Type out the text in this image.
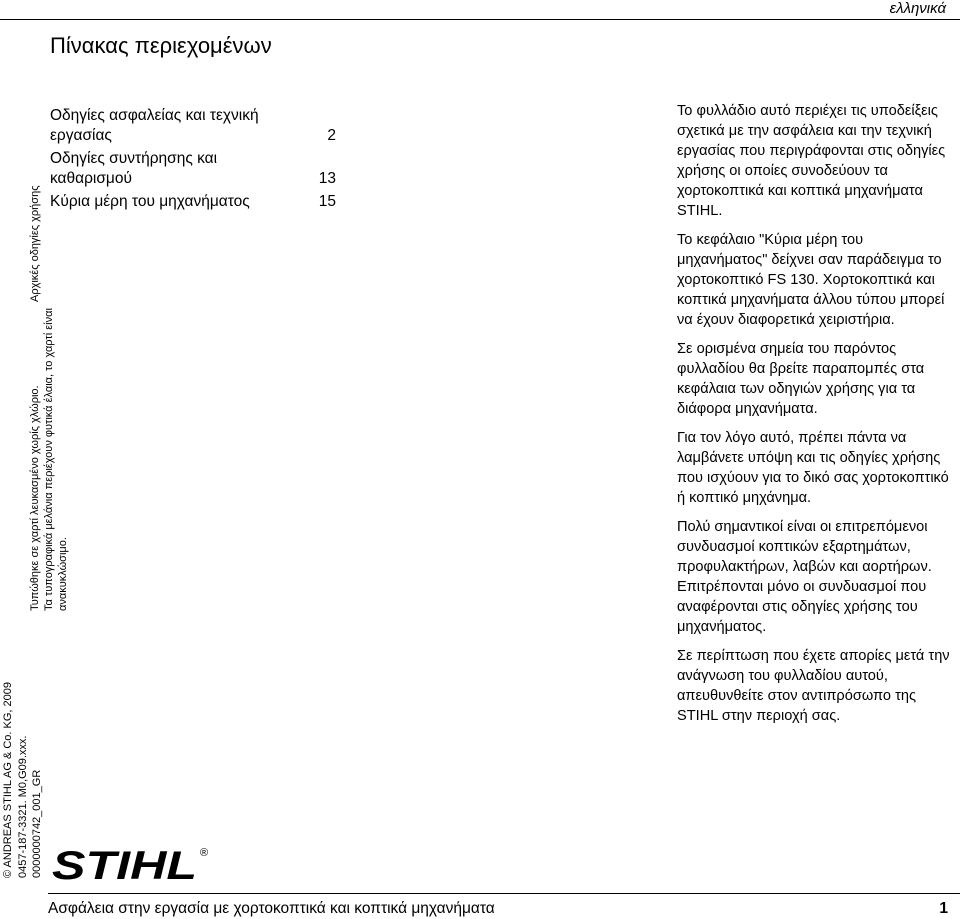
ελληνικά
Πίνακας περιεχομένων
Οδηγίες ασφαλείας και τεχνική εργασίας	2
Οδηγίες συντήρησης και καθαρισμού	13
Κύρια μέρη του μηχανήματος	15
© ANDREAS STIHL AG & Co. KG, 2009 0457-187-3321. M0,G09.xxx. 0000000742_001_GR
Τυπώθηκε σε χαρτί λευκασμένο χωρίς χλώριο. Τα τυπογραφικά μελάνια περιέχουν φυτικά έλαια, το χαρτί είναι ανακυκλώσιμο.
Αρχικές οδηγίες χρήσης

Το φυλλάδιο αυτό περιέχει τις υποδείξεις σχετικά με την ασφάλεια και την τεχνική εργασίας που περιγράφονται στις οδηγίες χρήσης οι οποίες συνοδεύουν τα χορτοκοπτικά και κοπτικά μηχανήματα STIHL.

Το κεφάλαιο "Κύρια μέρη του μηχανήματος" δείχνει σαν παράδειγμα το χορτοκοπτικό FS 130. Χορτοκοπτικά και κοπτικά μηχανήματα άλλου τύπου μπορεί να έχουν διαφορετικά χειριστήρια.

Σε ορισμένα σημεία του παρόντος φυλλαδίου θα βρείτε παραπομπές στα κεφάλαια των οδηγιών χρήσης για τα διάφορα μηχανήματα.

Για τον λόγο αυτό, πρέπει πάντα να λαμβάνετε υπόψη και τις οδηγίες χρήσης που ισχύουν για το δικό σας χορτοκοπτικό ή κοπτικό μηχάνημα.

Πολύ σημαντικοί είναι οι επιτρεπόμενοι συνδυασμοί κοπτικών εξαρτημάτων, προφυλακτήρων, λαβών και αορτήρων. Επιτρέπονται μόνο οι συνδυασμοί που αναφέρονται στις οδηγίες χρήσης του μηχανήματος.

Σε περίπτωση που έχετε απορίες μετά την ανάγνωση του φυλλαδίου αυτού, απευθυνθείτε στον αντιπρόσωπο της STIHL στην περιοχή σας.

STIHL ®
Ασφάλεια στην εργασία με χορτοκοπτικά και κοπτικά μηχανήματα	1
